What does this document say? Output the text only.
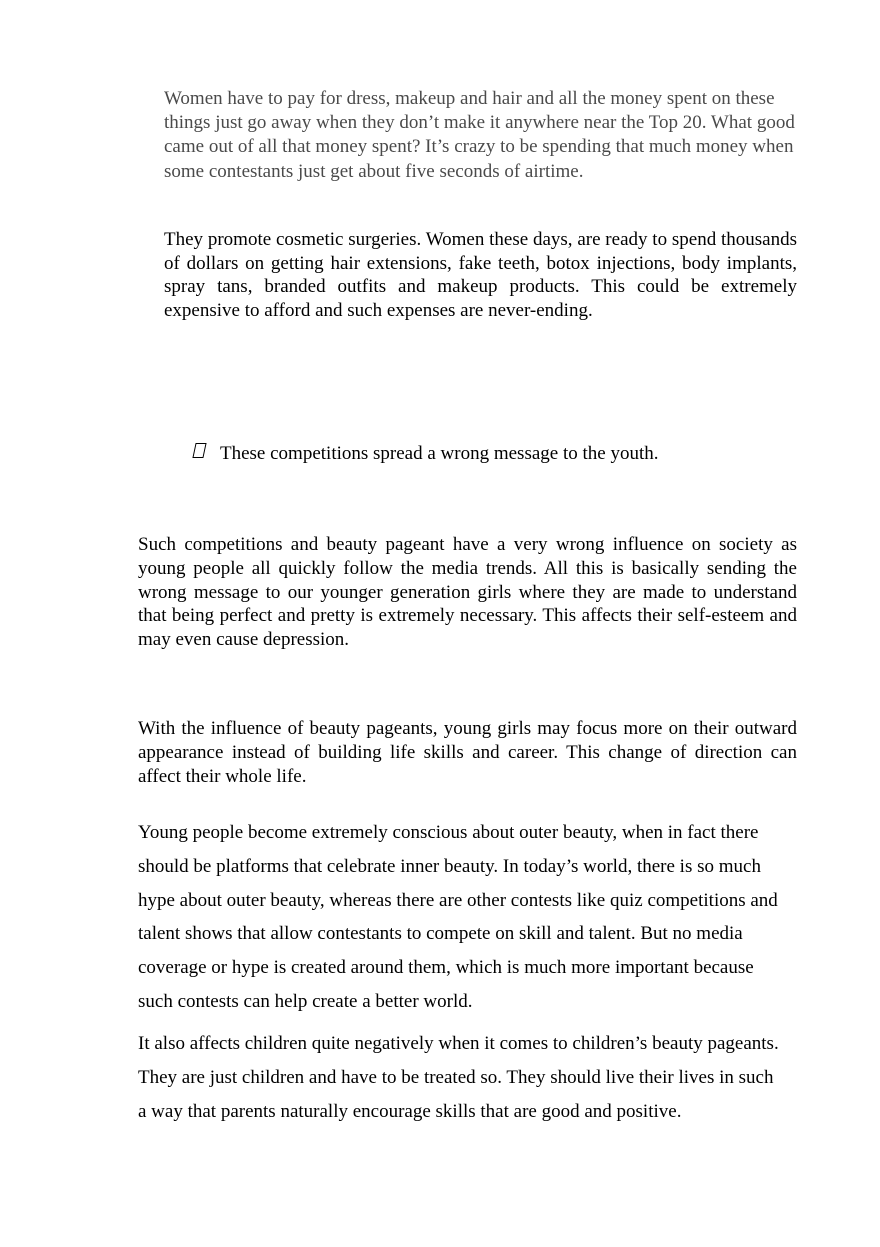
Women have to pay for dress, makeup and hair and all the money spent on these things just go away when they don’t make it anywhere near the Top 20. What good came out of all that money spent? It’s crazy to be spending that much money when some contestants just get about five seconds of airtime.

They promote cosmetic surgeries. Women these days, are ready to spend thousands of dollars on getting hair extensions, fake teeth, botox injections, body implants, spray tans, branded outfits and makeup products. This could be extremely expensive to afford and such expenses are never-ending.

These competitions spread a wrong message to the youth.

Such competitions and beauty pageant have a very wrong influence on society as young people all quickly follow the media trends. All this is basically sending the wrong message to our younger generation girls where they are made to understand that being perfect and pretty is extremely necessary. This affects their self-esteem and may even cause depression.

With the influence of beauty pageants, young girls may focus more on their outward appearance instead of building life skills and career. This change of direction can affect their whole life.

Young people become extremely conscious about outer beauty, when in fact there should be platforms that celebrate inner beauty. In today’s world, there is so much hype about outer beauty, whereas there are other contests like quiz competitions and talent shows that allow contestants to compete on skill and talent. But no media coverage or hype is created around them, which is much more important because such contests can help create a better world.

It also affects children quite negatively when it comes to children’s beauty pageants. They are just children and have to be treated so. They should live their lives in such a way that parents naturally encourage skills that are good and positive.
